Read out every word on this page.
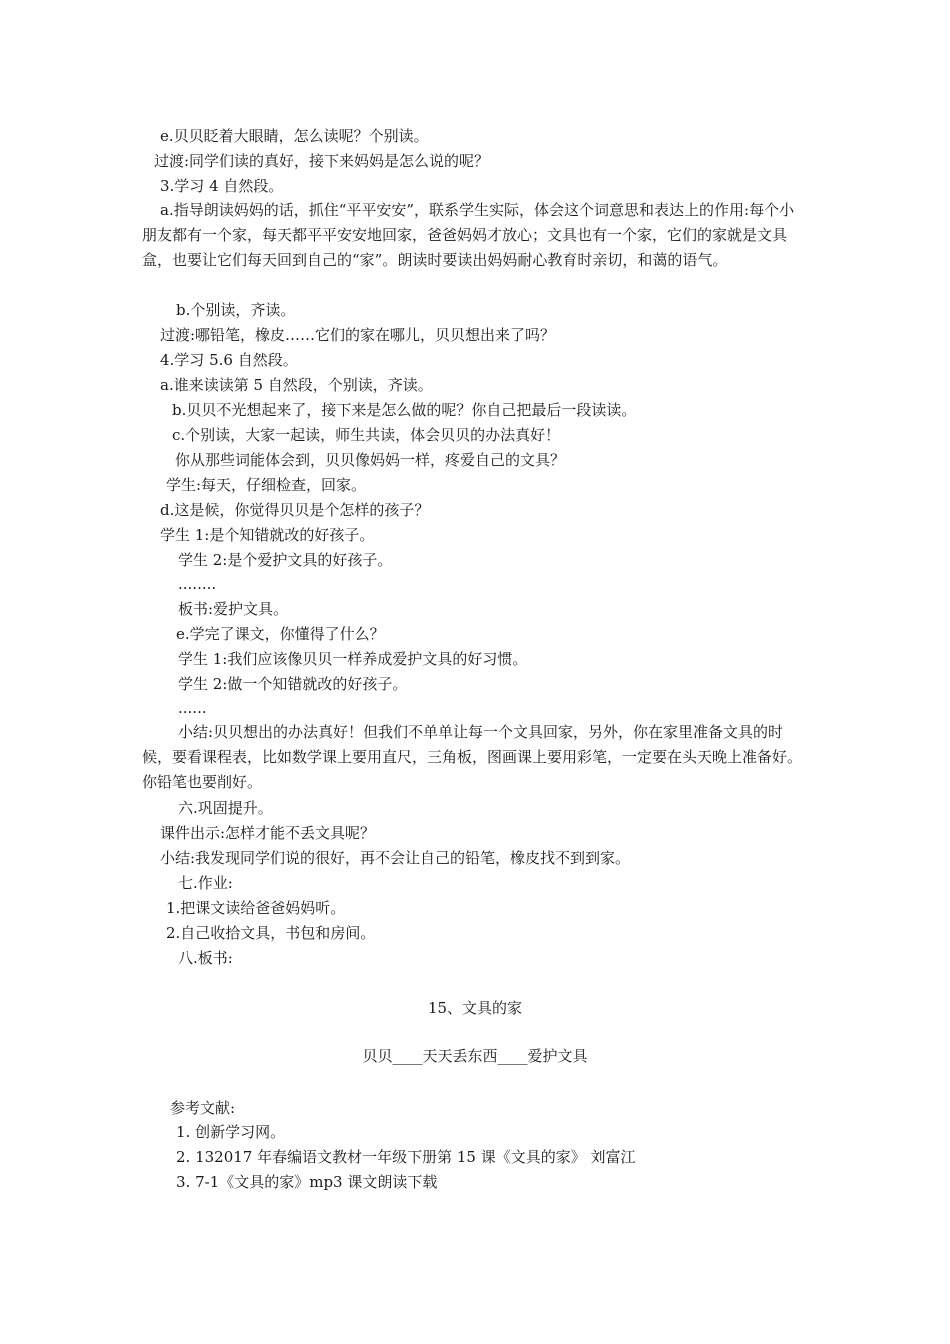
e.贝贝眨着大眼睛，怎么读呢？个别读。
过渡:同学们读的真好，接下来妈妈是怎么说的呢？
3.学习 4 自然段。
a.指导朗读妈妈的话，抓住“平平安安”，联系学生实际，体会这个词意思和表达上的作用:每个小朋友都有一个家，每天都平平安安地回家，爸爸妈妈才放心；文具也有一个家，它们的家就是文具盒，也要让它们每天回到自己的“家”。朗读时要读出妈妈耐心教育时亲切，和蔼的语气。
b.个别读，齐读。
过渡:哪铅笔，橡皮……它们的家在哪儿，贝贝想出来了吗？
4.学习 5.6 自然段。
a.谁来读读第 5 自然段，个别读，齐读。
b.贝贝不光想起来了，接下来是怎么做的呢？你自己把最后一段读读。
c.个别读，大家一起读，师生共读，体会贝贝的办法真好！
你从那些词能体会到，贝贝像妈妈一样，疼爱自己的文具？
学生:每天，仔细检查，回家。
d.这是候，你觉得贝贝是个怎样的孩子？
学生 1:是个知错就改的好孩子。
学生 2:是个爱护文具的好孩子。
........
板书:爱护文具。
e.学完了课文，你懂得了什么？
学生 1:我们应该像贝贝一样养成爱护文具的好习惯。
学生 2:做一个知错就改的好孩子。
......
小结:贝贝想出的办法真好！但我们不单单让每一个文具回家，另外，你在家里准备文具的时候，要看课程表，比如数学课上要用直尺，三角板，图画课上要用彩笔，一定要在头天晚上准备好。你铅笔也要削好。
六.巩固提升。
课件出示:怎样才能不丢文具呢？
小结:我发现同学们说的很好，再不会让自己的铅笔，橡皮找不到到家。
七.作业:
1.把课文读给爸爸妈妈听。
2.自己收拾文具，书包和房间。
八.板书:
15、文具的家
贝贝____天天丢东西____爱护文具
参考文献:
1. 创新学习网。
2. 132017 年春编语文教材一年级下册第 15 课《文具的家》 刘富江
3. 7-1《文具的家》mp3 课文朗读下载
